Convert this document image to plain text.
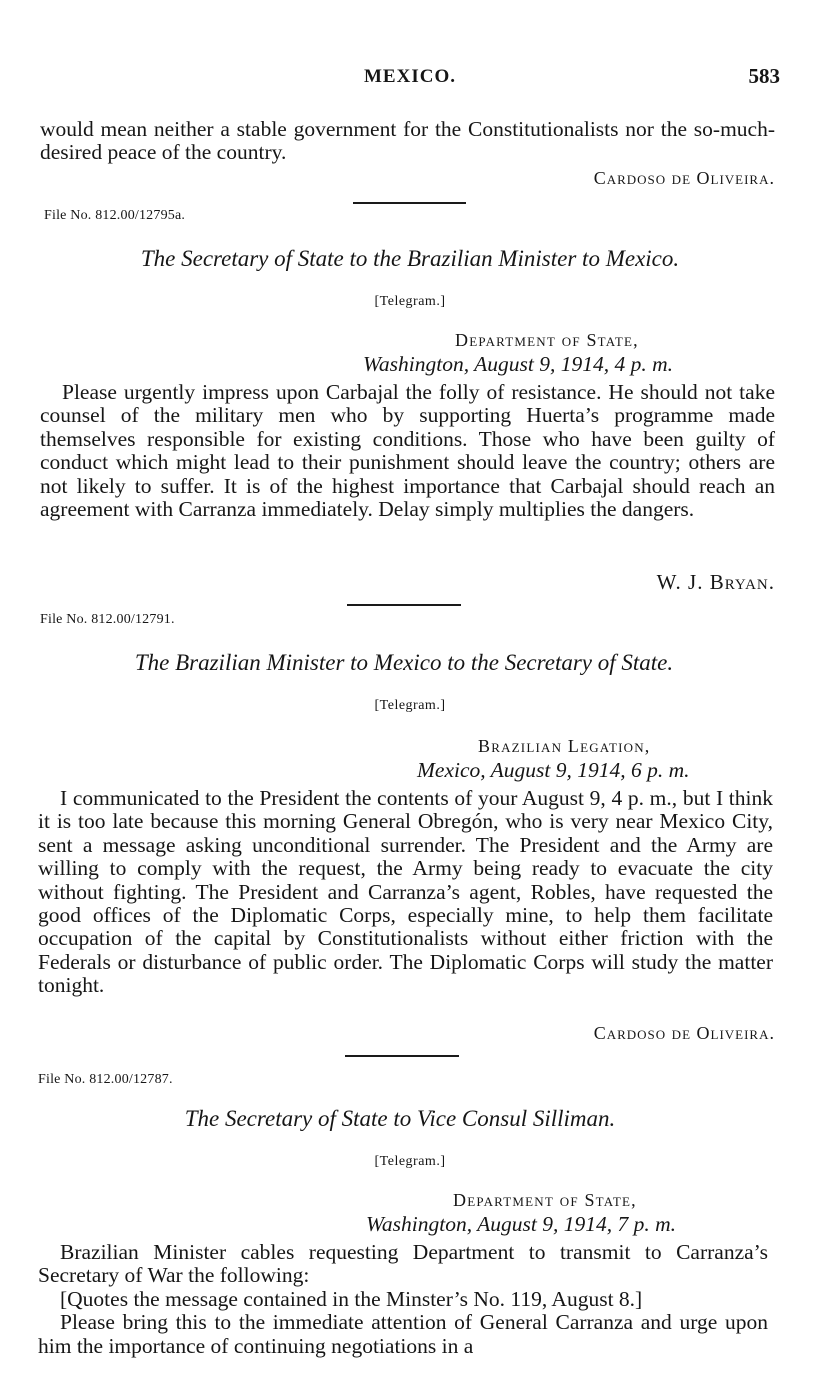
MEXICO.	583

would mean neither a stable government for the Constitutionalists nor the so-much-desired peace of the country.

Cardoso de Oliveira.
File No. 812.00/12795a.
The Secretary of State to the Brazilian Minister to Mexico.
[Telegram.]
Department of State,
Washington, August 9, 1914, 4 p. m.

Please urgently impress upon Carbajal the folly of resistance. He should not take counsel of the military men who by supporting Huerta’s programme made themselves responsible for existing conditions. Those who have been guilty of conduct which might lead to their punishment should leave the country; others are not likely to suffer. It is of the highest importance that Carbajal should reach an agreement with Carranza immediately. Delay simply multiplies the dangers.

W. J. Bryan.
File No. 812.00/12791.
The Brazilian Minister to Mexico to the Secretary of State.
[Telegram.]
Brazilian Legation,
Mexico, August 9, 1914, 6 p. m.

I communicated to the President the contents of your August 9, 4 p. m., but I think it is too late because this morning General Obregón, who is very near Mexico City, sent a message asking unconditional surrender. The President and the Army are willing to comply with the request, the Army being ready to evacuate the city without fighting. The President and Carranza’s agent, Robles, have requested the good offices of the Diplomatic Corps, especially mine, to help them facilitate occupation of the capital by Constitutionalists without either friction with the Federals or disturbance of public order. The Diplomatic Corps will study the matter tonight.

Cardoso de Oliveira.
File No. 812.00/12787.
The Secretary of State to Vice Consul Silliman.
[Telegram.]
Department of State,
Washington, August 9, 1914, 7 p. m.

Brazilian Minister cables requesting Department to transmit to Carranza’s Secretary of War the following:

[Quotes the message contained in the Minster’s No. 119, August 8.]

Please bring this to the immediate attention of General Carranza and urge upon him the importance of continuing negotiations in a
